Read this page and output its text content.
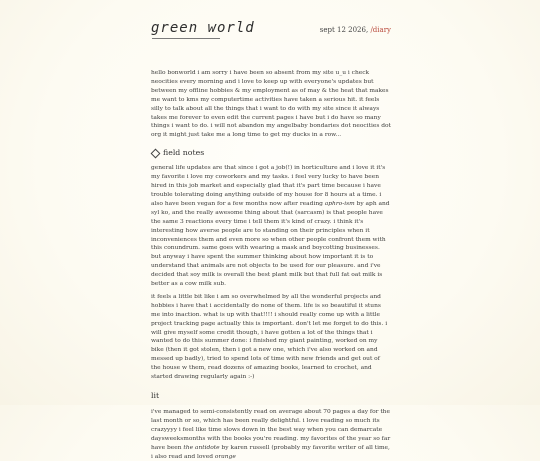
green world	sept 12 2026, /diary

hello bonworld i am sorry i have been so absent from my site u_u i check neocities every morning and i love to keep up with everyone's updates but between my offline hobbies & my employment as of may & the heat that makes me want to kms my computertime activities have taken a serious hit. it feels silly to talk about all the things that i want to do with my site since it always takes me forever to even edit the current pages i have but i do have so many things i want to do. i will not abandon my angelbaby bondaries dot neocities dot org it might just take me a long time to get my ducks in a row...

field notes

general life updates are that since i got a job(!) in horticulture and i love it it's my favorite i love my coworkers and my tasks. i feel very lucky to have been hired in this job market and especially glad that it's part time because i have trouble tolerating doing anything outside of my house for 8 hours at a time. i also have been vegan for a few months now after reading aphro-ism by aph and syl ko, and the really awesome thing about that (sarcasm) is that people have the same 3 reactions every time i tell them it's kind of crazy. i think it's interesting how averse people are to standing on their principles when it inconveniences them and even more so when other people confront them with this conundrum. same goes with wearing a mask and boycotting businesses. but anyway i have spent the summer thinking about how important it is to understand that animals are not objects to be used for our pleasure. and i've decided that soy milk is overall the best plant milk but that full fat oat milk is better as a cow milk sub.

it feels a little bit like i am so overwhelmed by all the wonderful projects and hobbies i have that i accidentally do none of them. life is so beautiful it stuns me into inaction. what is up with that!!!! i should really come up with a little project tracking page actually this is important. don't let me forget to do this. i will give myself some credit though, i have gotten a lot of the things that i wanted to do this summer done: i finished my giant painting, worked on my bike (then it got stolen, then i got a new one, which i've also worked on and messed up badly), tried to spend lots of time with new friends and get out of the house w them, read dozens of amazing books, learned to crochet, and started drawing regularly again :-)

lit

i've managed to semi-consistently read on average about 70 pages a day for the last month or so, which has been really delightful. i love reading so much its crazyyyy i feel like time slows down in the best way when you can demarcate daysweeksmonths with the books you're reading. my favorites of the year so far have been the antidote by karen russell (probably my favorite writer of all time, i also read and loved orange
